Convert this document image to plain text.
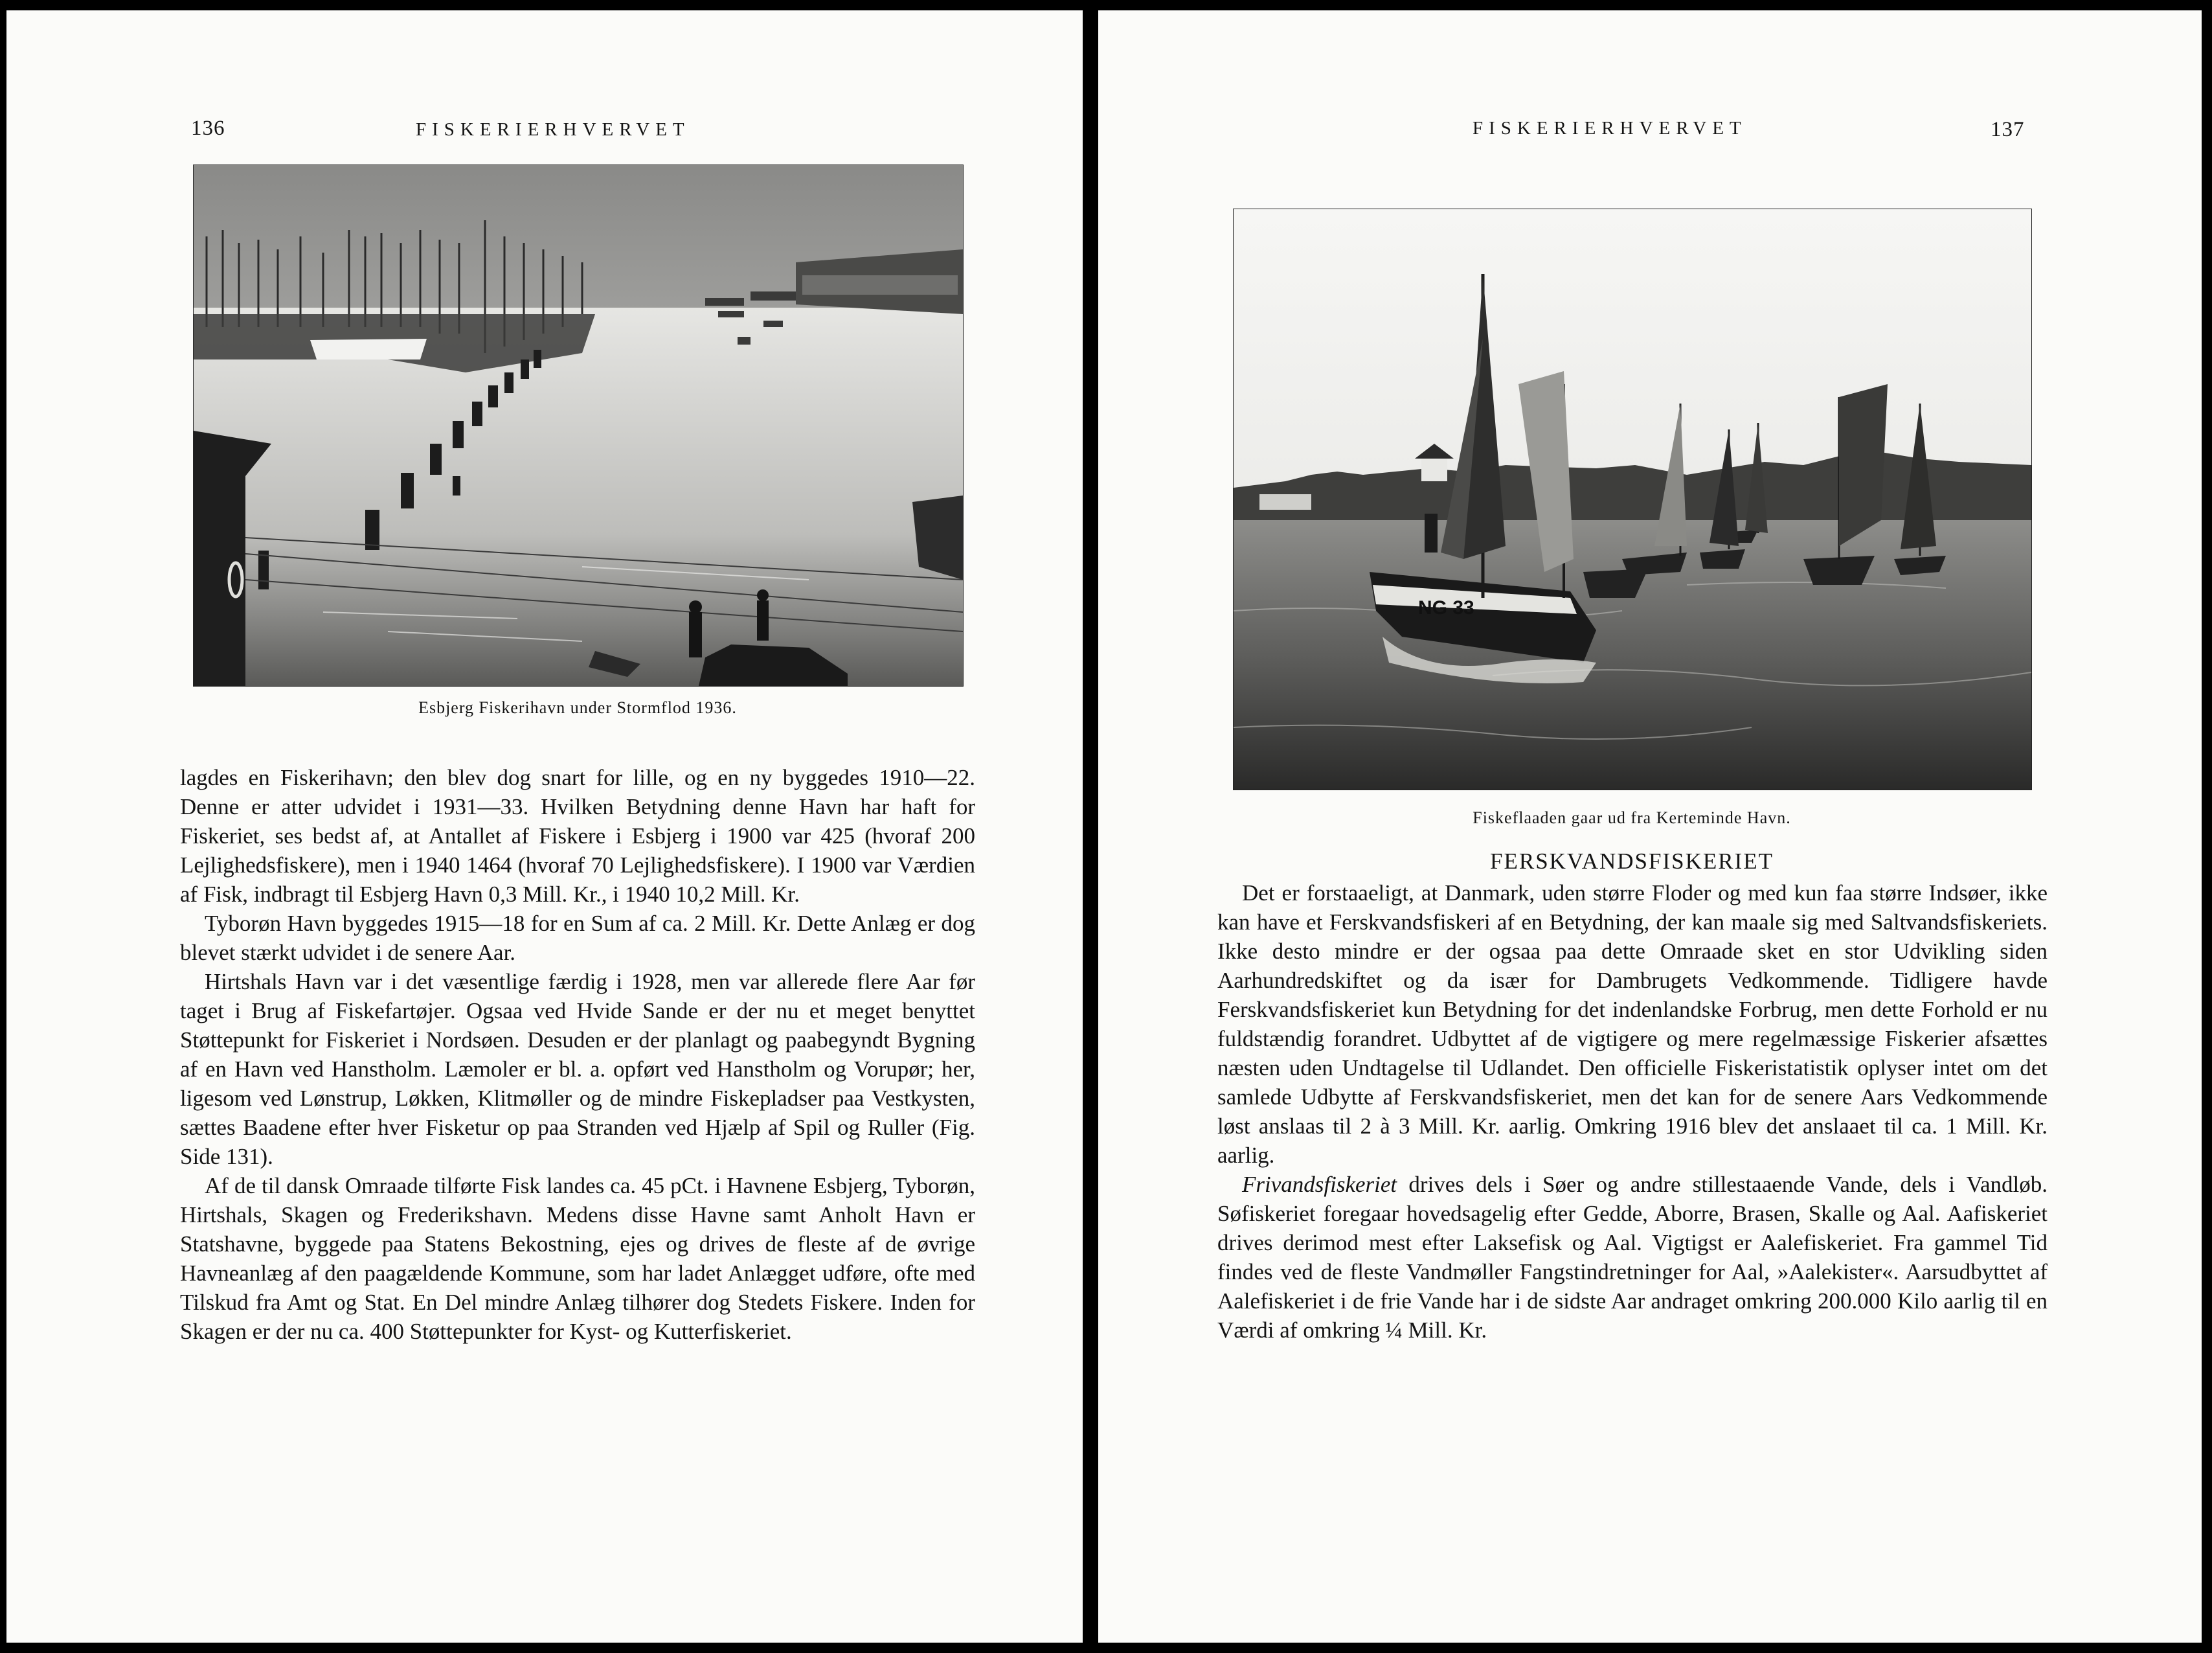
136	FISKERIERHVERVET
Esbjerg Fiskerihavn under Stormflod 1936.

lagdes en Fiskerihavn; den blev dog snart for lille, og en ny byggedes 1910—22. Denne er atter udvidet i 1931—33. Hvilken Betydning denne Havn har haft for Fiskeriet, ses bedst af, at Antallet af Fiskere i Esbjerg i 1900 var 425 (hvoraf 200 Lejlighedsfiskere), men i 1940 1464 (hvoraf 70 Lejlighedsfiskere). I 1900 var Værdien af Fisk, indbragt til Esbjerg Havn 0,3 Mill. Kr., i 1940 10,2 Mill. Kr.

Tyborøn Havn byggedes 1915—18 for en Sum af ca. 2 Mill. Kr. Dette Anlæg er dog blevet stærkt udvidet i de senere Aar.

Hirtshals Havn var i det væsentlige færdig i 1928, men var allerede flere Aar før taget i Brug af Fiskefartøjer. Ogsaa ved Hvide Sande er der nu et meget benyttet Støttepunkt for Fiskeriet i Nordsøen. Desuden er der planlagt og paabegyndt Bygning af en Havn ved Hanstholm. Læmoler er bl. a. opført ved Hanstholm og Vorupør; her, ligesom ved Lønstrup, Løkken, Klitmøller og de mindre Fiskepladser paa Vestkysten, sættes Baadene efter hver Fisketur op paa Stranden ved Hjælp af Spil og Ruller (Fig. Side 131).

Af de til dansk Omraade tilførte Fisk landes ca. 45 pCt. i Havnene Esbjerg, Tyborøn, Hirtshals, Skagen og Frederikshavn. Medens disse Havne samt Anholt Havn er Statshavne, byggede paa Statens Bekostning, ejes og drives de fleste af de øvrige Havneanlæg af den paagældende Kommune, som har ladet Anlægget udføre, ofte med Tilskud fra Amt og Stat. En Del mindre Anlæg tilhører dog Stedets Fiskere. Inden for Skagen er der nu ca. 400 Støttepunkter for Kyst- og Kutterfiskeriet.

FISKERIERHVERVET	137
NG 33
Fiskeflaaden gaar ud fra Kerteminde Havn.
FERSKVANDSFISKERIET

Det er forstaaeligt, at Danmark, uden større Floder og med kun faa større Indsøer, ikke kan have et Ferskvandsfiskeri af en Betydning, der kan maale sig med Saltvandsfiskeriets. Ikke desto mindre er der ogsaa paa dette Omraade sket en stor Udvikling siden Aarhundredskiftet og da især for Dambrugets Vedkommende. Tidligere havde Ferskvandsfiskeriet kun Betydning for det indenlandske Forbrug, men dette Forhold er nu fuldstændig forandret. Udbyttet af de vigtigere og mere regelmæssige Fiskerier afsættes næsten uden Undtagelse til Udlandet. Den officielle Fiskeristatistik oplyser intet om det samlede Udbytte af Ferskvandsfiskeriet, men det kan for de senere Aars Vedkommende løst anslaas til 2 à 3 Mill. Kr. aarlig. Omkring 1916 blev det anslaaet til ca. 1 Mill. Kr. aarlig.

Frivandsfiskeriet drives dels i Søer og andre stillestaaende Vande, dels i Vandløb. Søfiskeriet foregaar hovedsagelig efter Gedde, Aborre, Brasen, Skalle og Aal. Aafiskeriet drives derimod mest efter Laksefisk og Aal. Vigtigst er Aalefiskeriet. Fra gammel Tid findes ved de fleste Vandmøller Fangstindretninger for Aal, »Aalekister«. Aarsudbyttet af Aalefiskeriet i de frie Vande har i de sidste Aar andraget omkring 200.000 Kilo aarlig til en Værdi af omkring ¼ Mill. Kr.
